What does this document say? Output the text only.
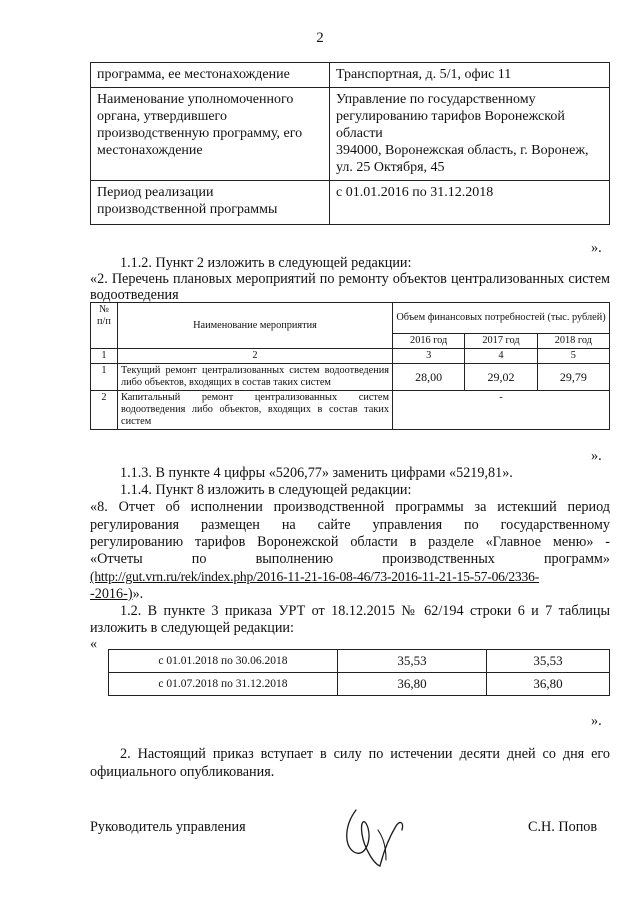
2
программа, ее местонахождение	Транспортная, д. 5/1, офис 11
Наименование уполномоченного органа, утвердившего производственную программу, его местонахождение	Управление по государственному регулированию тарифов Воронежской области
394000, Воронежская область, г. Воронеж, ул. 25 Октября, 45

Период реализации производственной программы	с 01.01.2016 по 31.12.2018
».
1.1.2. Пункт 2 изложить в следующей редакции:
«2. Перечень плановых мероприятий по ремонту объектов централизованных систем водоотведения
№ п/п	Наименование мероприятия	Объем финансовых потребностей (тыс. рублей)		
		2016 год	2017 год	2018 год
1	2	3	4	5
1	Текущий ремонт централизованных систем водоотведения либо объектов, входящих в состав таких систем	28,00	29,02	29,79
2	Капитальный ремонт централизованных систем водоотведения либо объектов, входящих в состав таких систем	-		
».
1.1.3. В пункте 4 цифры «5206,77» заменить цифрами «5219,81».
1.1.4. Пункт 8 изложить в следующей редакции:
«8. Отчет об исполнении производственной программы за истекший период
регулирования размещен на сайте управления по государственному
регулированию тарифов Воронежской области в разделе «Главное меню» -
«Отчеты по выполнению производственных программ»
(http://gut.vrn.ru/rek/index.php/2016-11-21-16-08-46/73-2016-11-21-15-57-06/2336-
-2016-)».
1.2. В пункте 3 приказа УРТ от 18.12.2015 № 62/194 строки 6 и 7 таблицы
изложить в следующей редакции:
«
с 01.01.2018 по 30.06.2018	35,53	35,53
с 01.07.2018 по 31.12.2018	36,80	36,80
».
2. Настоящий приказ вступает в силу по истечении десяти дней со дня его
официального опубликования.
Руководитель управления	С.Н. Попов
